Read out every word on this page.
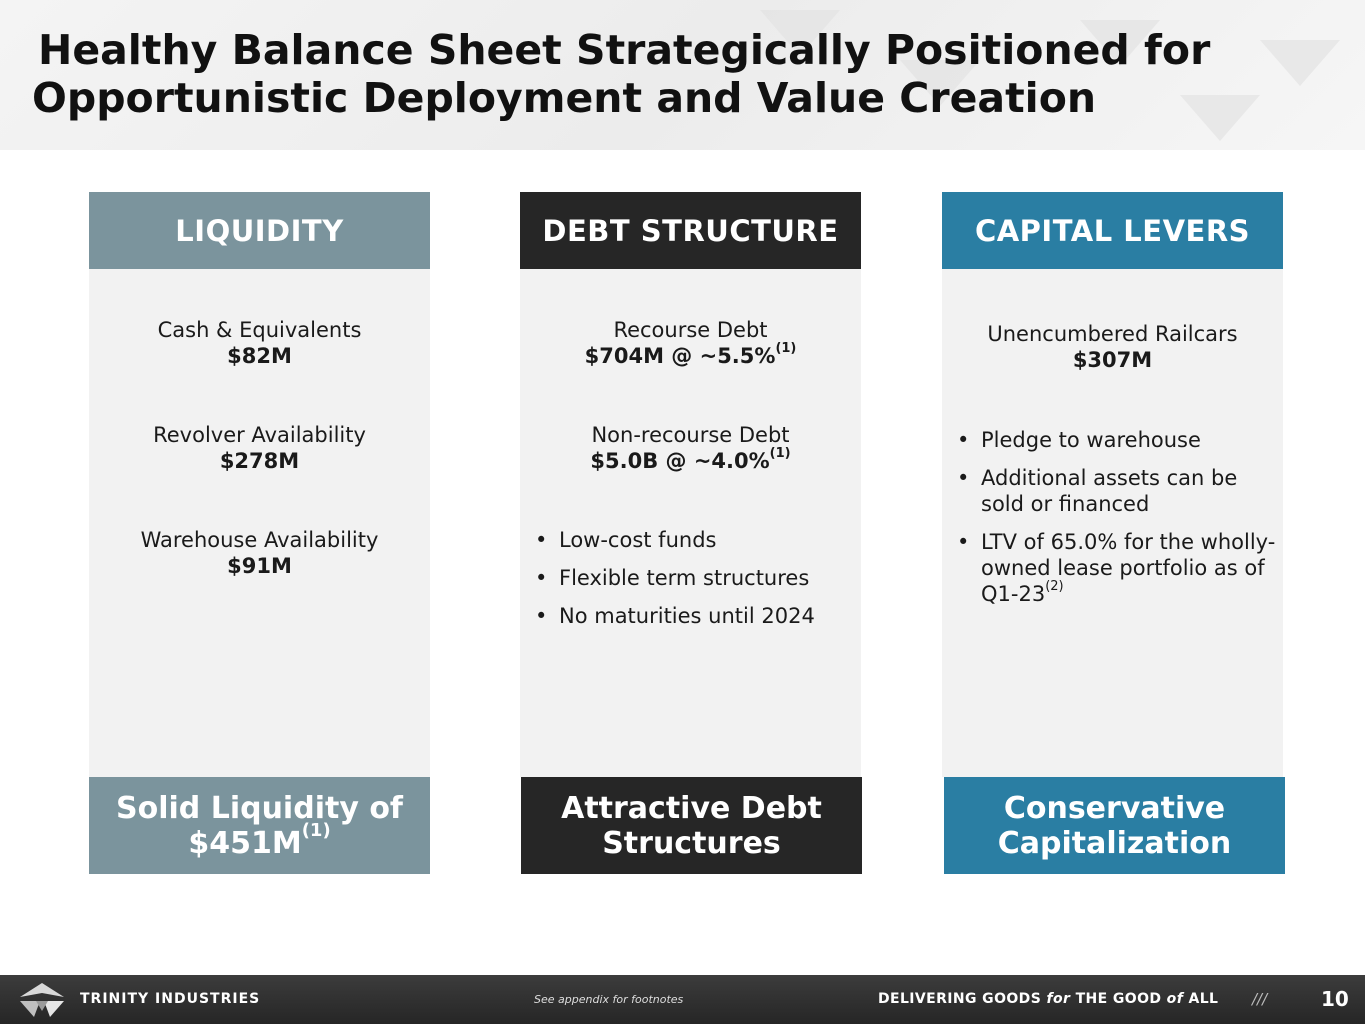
Healthy Balance Sheet Strategically Positioned for
Opportunistic Deployment and Value Creation
LIQUIDITY
Cash & Equivalents
$82M
Revolver Availability
$278M
Warehouse Availability
$91M
Solid Liquidity of
$\$451M^{(1)}$
DEBT STRUCTURE
Recourse Debt
$704M @ ~5.5%$^{(1)}$
Non-recourse Debt
$5.0B @ ~4.0%$^{(1)}$
• Low-cost funds
• Flexible term structures
• No maturities until 2024
Attractive Debt
Structures
CAPITAL LEVERS
Unencumbered Railcars
$307M
• Pledge to warehouse
• Additional assets can be sold or financed
• LTV of 65.0% for the wholly-owned lease portfolio as of Q1-23$^{(2)}$
Conservative
Capitalization
TRINITY INDUSTRIES	See appendix for footnotes	DELIVERING GOODS for THE GOOD of ALL ///	10
